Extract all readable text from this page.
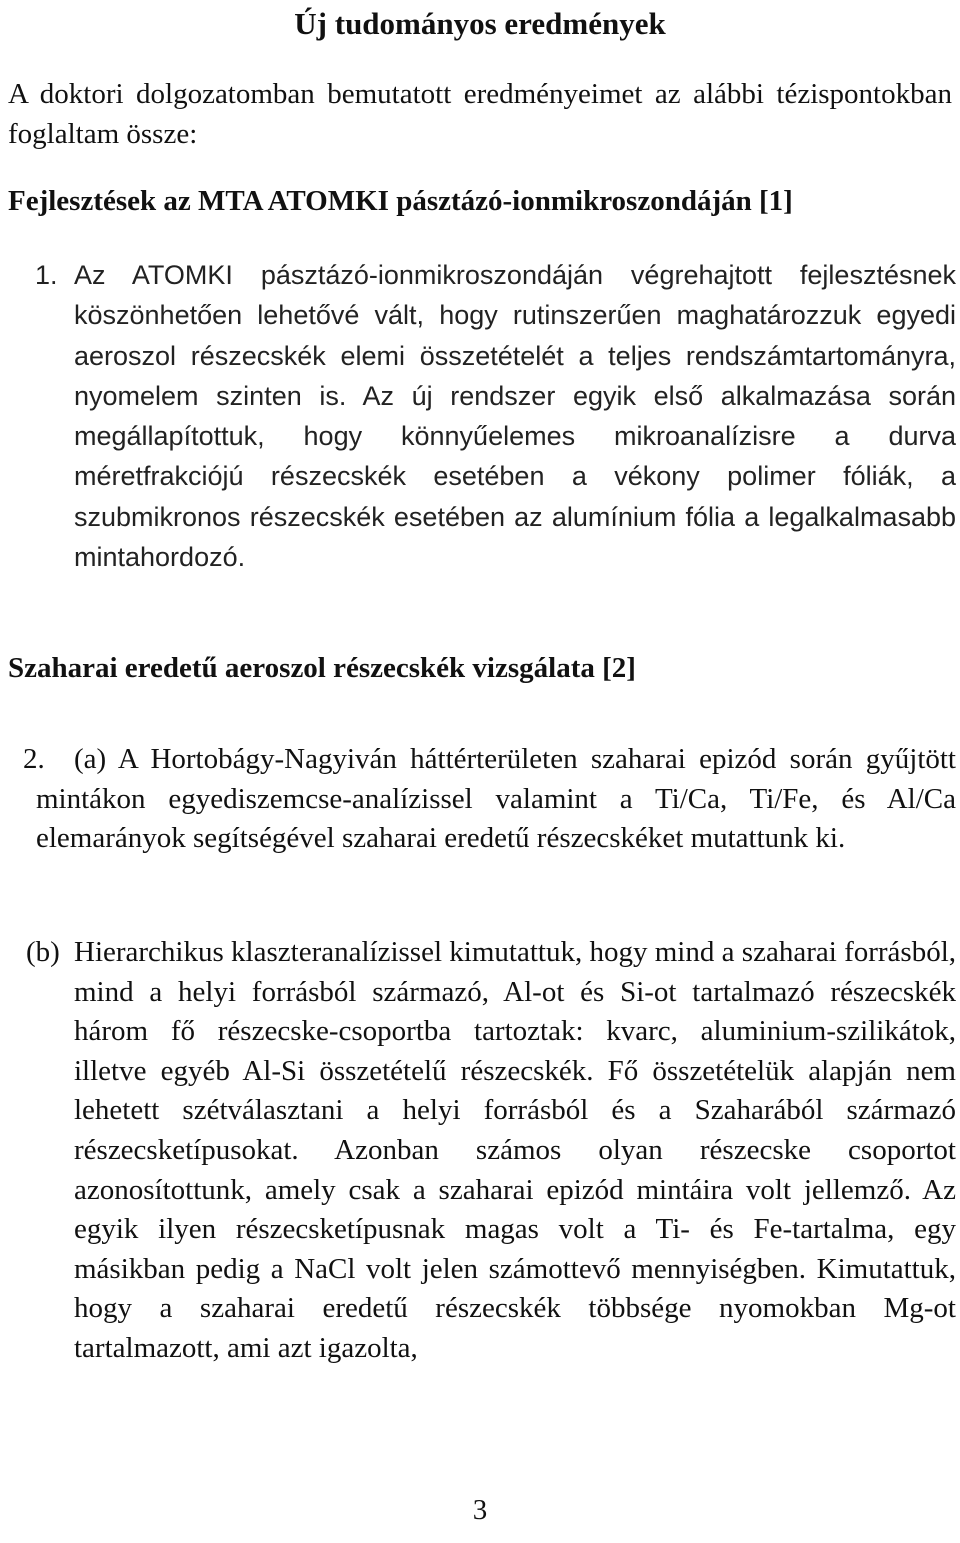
Új tudományos eredmények
A doktori dolgozatomban bemutatott eredményeimet az alábbi tézispontokban foglaltam össze:
Fejlesztések az MTA ATOMKI pásztázó-ionmikroszondáján [1]
1. Az ATOMKI pásztázó-ionmikroszondáján végrehajtott fejlesztésnek köszönhetően lehetővé vált, hogy rutinszerűen maghatározzuk egyedi aeroszol részecskék elemi összetételét a teljes rendszámtartományra, nyomelem szinten is. Az új rendszer egyik első alkalmazása során megállapítottuk, hogy könnyűelemes mikroanalízisre a durva méretfrakciójú részecskék esetében a vékony polimer fóliák, a szubmikronos részecskék esetében az alumínium fólia a legalkalmasabb mintahordozó.
Szaharai eredetű aeroszol részecskék vizsgálata [2]
2.	(a) A Hortobágy-Nagyiván háttérterületen szaharai epizód során gyűjtött mintákon egyediszemcse-analízissel valamint a Ti/Ca, Ti/Fe, és Al/Ca elemarányok segítségével szaharai eredetű részecskéket mutattunk ki.
(b) Hierarchikus klaszteranalízissel kimutattuk, hogy mind a szaharai forrásból, mind a helyi forrásból származó, Al-ot és Si-ot tartalmazó részecskék három fő részecske-csoportba tartoztak: kvarc, aluminium-szilikátok, illetve egyéb Al-Si összetételű részecskék. Fő összetételük alapján nem lehetett szétválasztani a helyi forrásból és a Szaharából származó részecsketípusokat. Azonban számos olyan részecske csoportot azonosítottunk, amely csak a szaharai epizód mintáira volt jellemző. Az egyik ilyen részecsketípusnak magas volt a Ti- és Fe-tartalma, egy másikban pedig a NaCl volt jelen számottevő mennyiségben. Kimutattuk, hogy a szaharai eredetű részecskék többsége nyomokban Mg-ot tartalmazott, ami azt igazolta,
3
